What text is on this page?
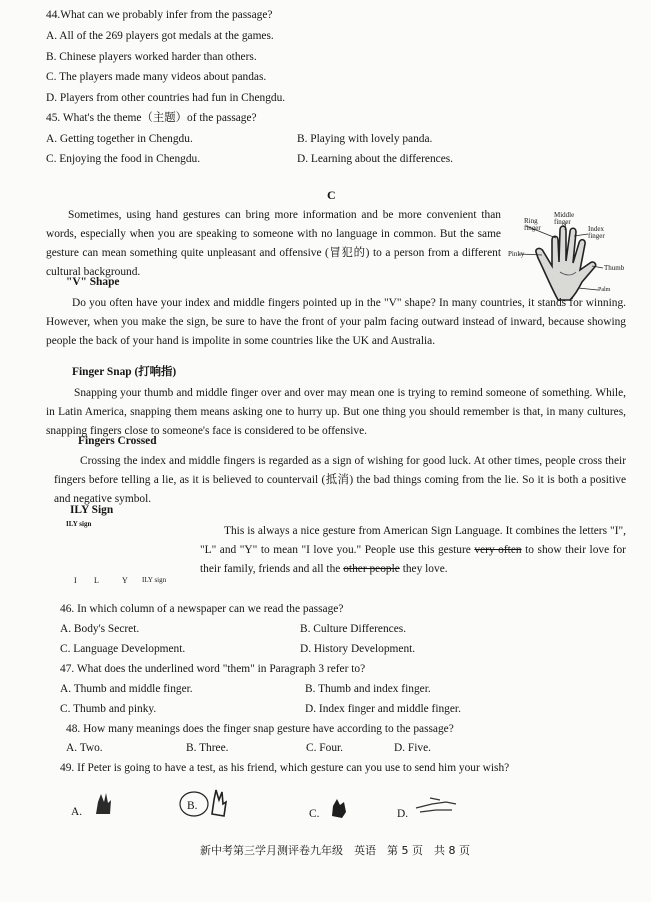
44.What can we probably infer from the passage?
A. All of the 269 players got medals at the games.
B. Chinese players worked harder than others.
C. The players made many videos about pandas.
D. Players from other countries had fun in Chengdu.
45. What's the theme（主题）of the passage?
A. Getting together in Chengdu.	B. Playing with lovely panda.
C. Enjoying the food in Chengdu.	D. Learning about the differences.
C
Sometimes, using hand gestures can bring more information and be more convenient than words, especially when you are speaking to someone with no language in common. But the same gesture can mean something quite unpleasant and offensive (冒犯的) to a person from a different cultural background.
Ring finger
Middle finger
Index finger
Pinky
Thumb
Palm
"V" Shape
Do you often have your index and middle fingers pointed up in the "V" shape? In many countries, it stands for winning. However, when you make the sign, be sure to have the front of your palm facing outward instead of inward, because showing people the back of your hand is impolite in some countries like the UK and Australia.
Finger Snap (打响指)
Snapping your thumb and middle finger over and over may mean one is trying to remind someone of something. While, in Latin America, snapping them means asking one to hurry up. But one thing you should remember is that, in many cultures, snapping fingers close to someone's face is considered to be offensive.
Fingers Crossed
Crossing the index and middle fingers is regarded as a sign of wishing for good luck. At other times, people cross their fingers before telling a lie, as it is believed to countervail (抵消) the bad things coming from the lie. So it is both a positive and negative symbol.
ILY Sign
ILY sign
I L	Y ILY sign
This is always a nice gesture from American Sign Language. It combines the letters "I", "L" and "Y" to mean "I love you." People use this gesture very often to show their love for their family, friends and all the other people they love.
46. In which column of a newspaper can we read the passage?
A. Body's Secret.	B. Culture Differences.
C. Language Development.	D. History Development.
47. What does the underlined word "them" in Paragraph 3 refer to?
A. Thumb and middle finger.	B. Thumb and index finger.
C. Thumb and pinky.	D. Index finger and middle finger.
48. How many meanings does the finger snap gesture have according to the passage?
A. Two.	B. Three.	C. Four.	D. Five.
49. If Peter is going to have a test, as his friend, which gesture can you use to send him your wish?
A.	B.
C.	D.
新中考第三学月测评卷九年级　英语　第 5 页　共 8 页
